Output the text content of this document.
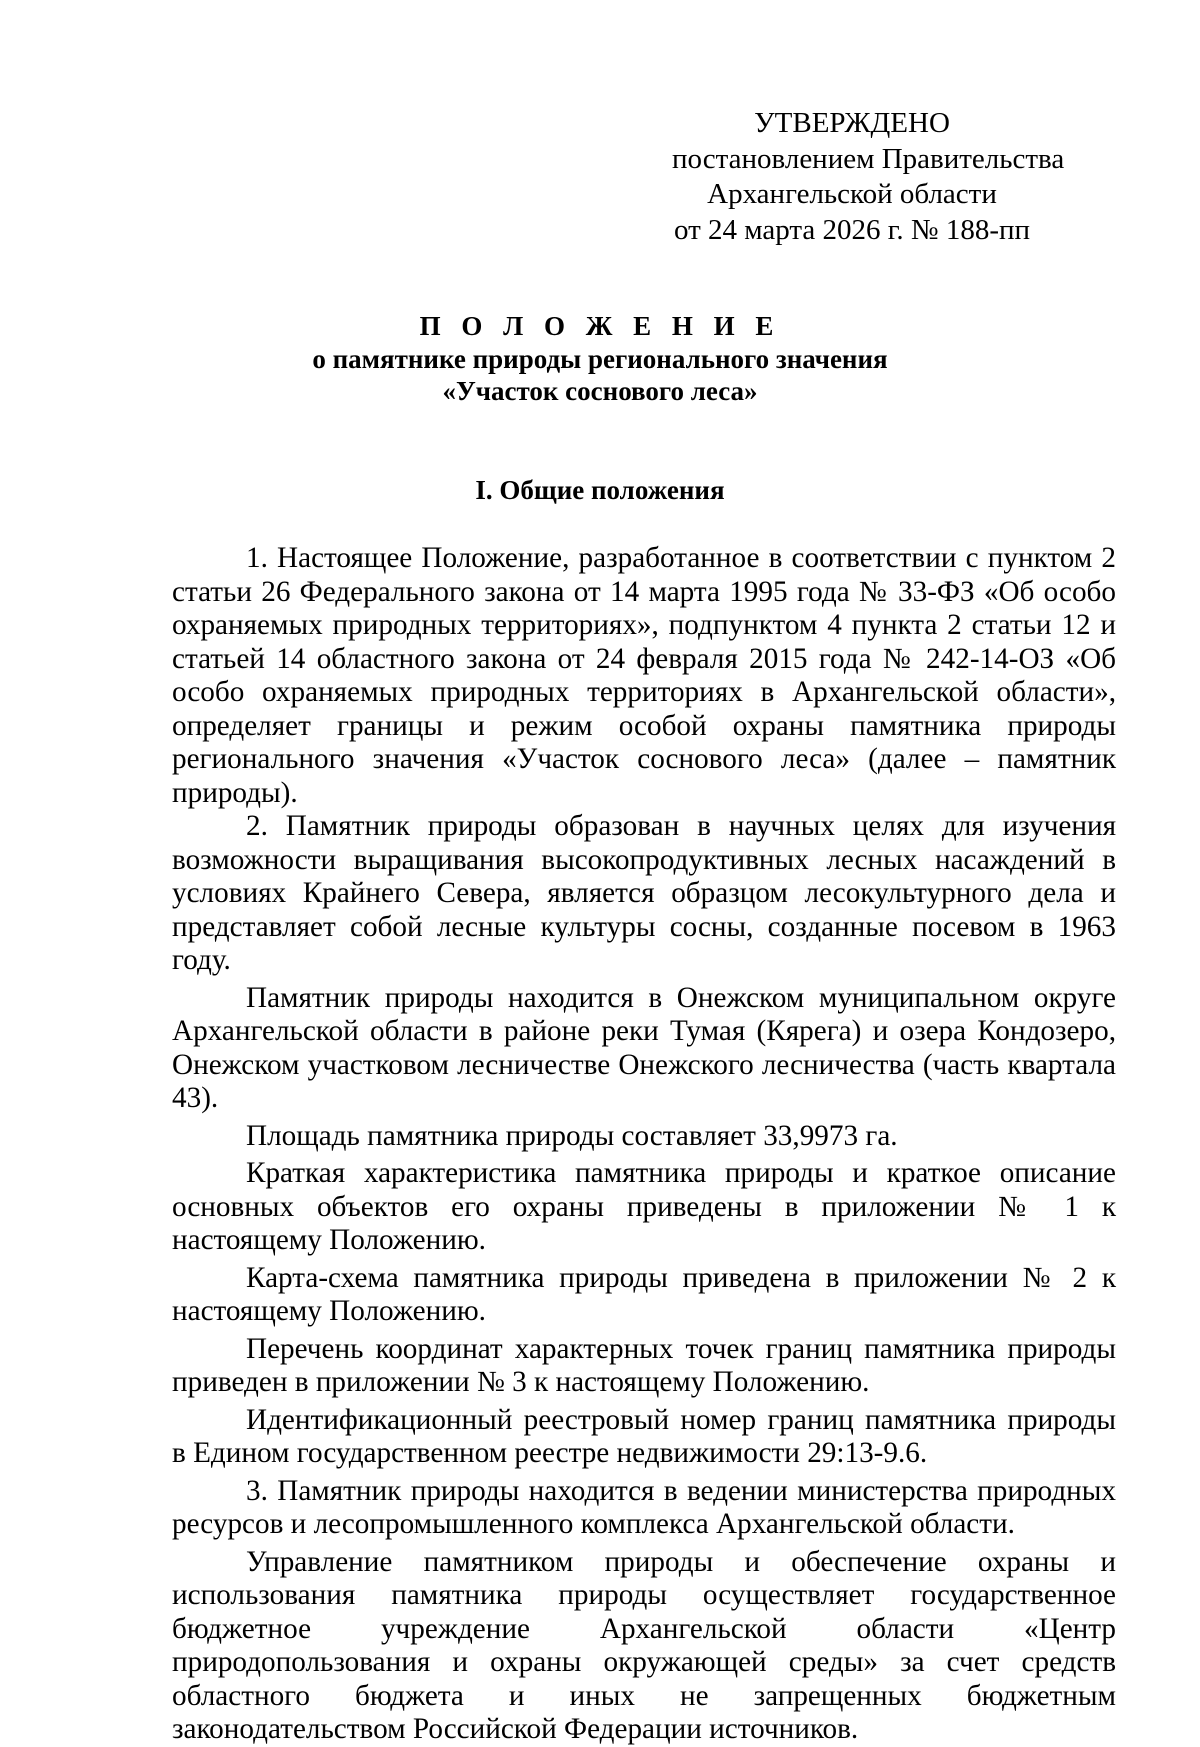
УТВЕРЖДЕНО
постановлением Правительства
Архангельской области
от 24 марта 2026 г. № 188-пп
П О Л О Ж Е Н И Е
о памятнике природы регионального значения
«Участок соснового леса»
I. Общие положения

1. Настоящее Положение, разработанное в соответствии с пунктом 2 статьи 26 Федерального закона от 14 марта 1995 года № 33-ФЗ «Об особо охраняемых природных территориях», подпунктом 4 пункта 2 статьи 12 и статьей 14 областного закона от 24 февраля 2015 года № 242-14-ОЗ «Об особо охраняемых природных территориях в Архангельской области», определяет границы и режим особой охраны памятника природы регионального значения «Участок соснового леса» (далее – памятник природы).

2. Памятник природы образован в научных целях для изучения возможности выращивания высокопродуктивных лесных насаждений в условиях Крайнего Севера, является образцом лесокультурного дела и представляет собой лесные культуры сосны, созданные посевом в 1963 году.

Памятник природы находится в Онежском муниципальном округе Архангельской области в районе реки Тумая (Кярега) и озера Кондозеро, Онежском участковом лесничестве Онежского лесничества (часть квартала 43).

Площадь памятника природы составляет 33,9973 га.

Краткая характеристика памятника природы и краткое описание основных объектов его охраны приведены в приложении № 1 к настоящему Положению.

Карта-схема памятника природы приведена в приложении № 2 к настоящему Положению.

Перечень координат характерных точек границ памятника природы приведен в приложении № 3 к настоящему Положению.

Идентификационный реестровый номер границ памятника природы в Едином государственном реестре недвижимости 29:13-9.6.

3. Памятник природы находится в ведении министерства природных ресурсов и лесопромышленного комплекса Архангельской области.

Управление памятником природы и обеспечение охраны и использования памятника природы осуществляет государственное бюджетное учреждение Архангельской области «Центр природопользования и охраны окружающей среды» за счет средств областного бюджета и иных не запрещенных бюджетным законодательством Российской Федерации источников.
